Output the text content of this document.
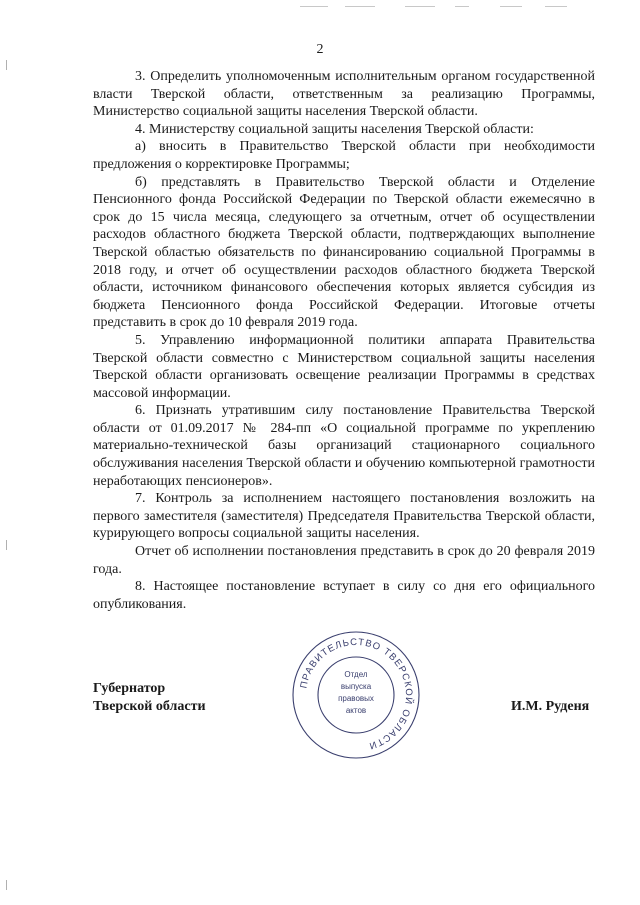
2

3. Определить уполномоченным исполнительным органом государственной власти Тверской области, ответственным за реализацию Программы, Министерство социальной защиты населения Тверской области.

4. Министерству социальной защиты населения Тверской области:

а) вносить в Правительство Тверской области при необходимости предложения о корректировке Программы;

б) представлять в Правительство Тверской области и Отделение Пенсионного фонда Российской Федерации по Тверской области ежемесячно в срок до 15 числа месяца, следующего за отчетным, отчет об осуществлении расходов областного бюджета Тверской области, подтверждающих выполнение Тверской областью обязательств по финансированию социальной Программы в 2018 году, и отчет об осуществлении расходов областного бюджета Тверской области, источником финансового обеспечения которых является субсидия из бюджета Пенсионного фонда Российской Федерации. Итоговые отчеты представить в срок до 10 февраля 2019 года.

5. Управлению информационной политики аппарата Правительства Тверской области совместно с Министерством социальной защиты населения Тверской области организовать освещение реализации Программы в средствах массовой информации.

6. Признать утратившим силу постановление Правительства Тверской области от 01.09.2017 № 284-пп «О социальной программе по укреплению материально-технической базы организаций стационарного социального обслуживания населения Тверской области и обучению компьютерной грамотности неработающих пенсионеров».

7. Контроль за исполнением настоящего постановления возложить на первого заместителя (заместителя) Председателя Правительства Тверской области, курирующего вопросы социальной защиты населения.

Отчет об исполнении постановления представить в срок до 20 февраля 2019 года.

8. Настоящее постановление вступает в силу со дня его официального опубликования.

Губернатор
Тверской области
ПРАВИТЕЛЬСТВО ТВЕРСКОЙ ОБЛАСТИ
Отдел
выпуска
правовых
актов	И.М. Руденя
